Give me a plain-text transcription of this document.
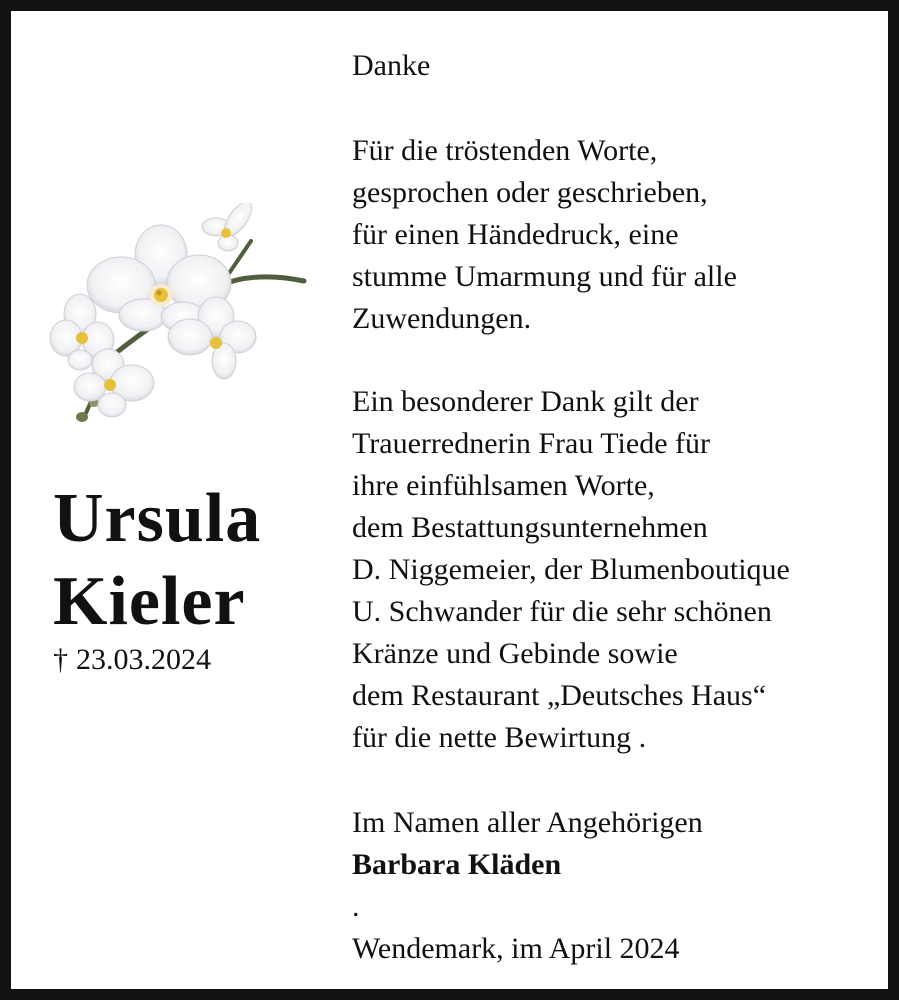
Ursula
Kieler
† 23.03.2024
Danke
Für die tröstenden Worte,
gesprochen oder geschrieben,
für einen Händedruck, eine
stumme Umarmung und für alle
Zuwendungen.
Ein besonderer Dank gilt der
Trauerrednerin Frau Tiede für
ihre einfühlsamen Worte,
dem Bestattungsunternehmen
D. Niggemeier, der Blumenboutique
U. Schwander für die sehr schönen
Kränze und Gebinde sowie
dem Restaurant „Deutsches Haus“
für die nette Bewirtung .
Im Namen aller Angehörigen
Barbara Kläden
.
Wendemark, im April 2024
